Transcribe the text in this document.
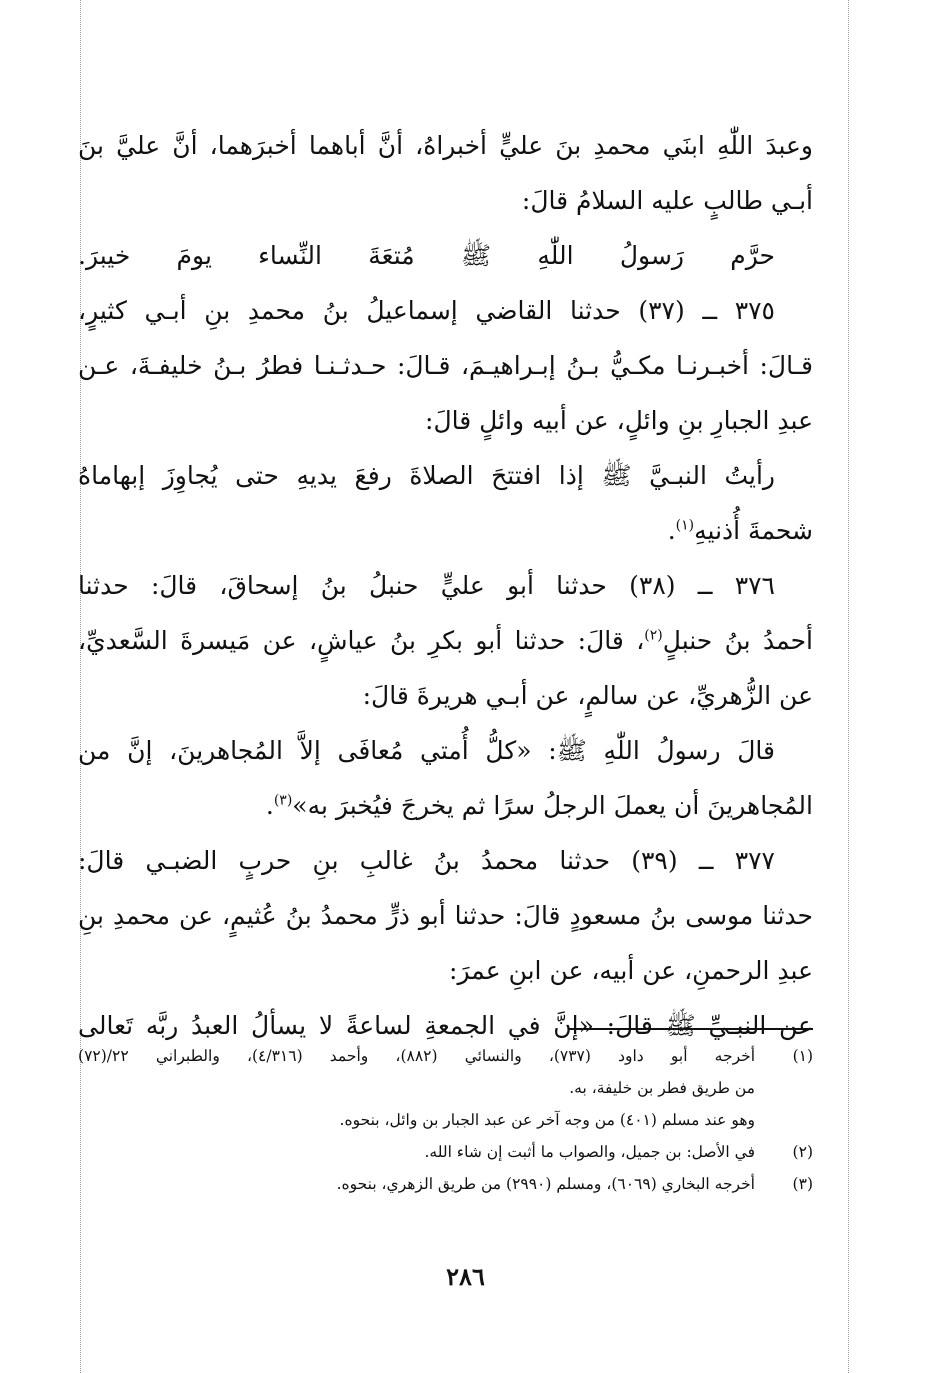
وعبدَ اللّٰهِ ابنَي محمدِ بنَ عليٍّ أخبراهُ، أنَّ أباهما أخبرَهما، أنَّ عليَّ بنَ
أبـي طالبٍ عليه السلامُ قالَ:
حرَّم رَسولُ اللّٰهِ ﷺ مُتعَةَ النِّساء يومَ خيبرَ.
٣٧٥ ــ (٣٧) حدثنا القاضي إسماعيلُ بنُ محمدِ بنِ أبـي كثيرٍ،
قـالَ: أخبـرنـا مكـيُّ بـنُ إبـراهيـمَ، قـالَ: حـدثـنـا فطرُ بـنُ خليفـةَ، عـن
عبدِ الجبارِ بنِ وائلٍ، عن أبيه وائلٍ قالَ:
رأيتُ النبـيَّ ﷺ إذا افتتحَ الصلاةَ رفعَ يديهِ حتى يُجاوِزَ إبهاماهُ
شحمةَ أُذنيهِ$^{(١)}$.
٣٧٦ ــ (٣٨) حدثنا أبو عليٍّ حنبلُ بنُ إسحاقَ، قالَ: حدثنا
أحمدُ بنُ حنبلٍ$^{(٢)}$، قالَ: حدثنا أبو بكرِ بنُ عياشٍ، عن مَيسرةَ السَّعديِّ،
عن الزُّهريِّ، عن سالمٍ، عن أبـي هريرةَ قالَ:
قالَ رسولُ اللّٰهِ ﷺ: «كلُّ أُمتي مُعافَى إلاَّ المُجاهرينَ، إنَّ من
المُجاهرينَ أن يعملَ الرجلُ سرًا ثم يخرجَ فيُخبرَ به»$^{(٣)}$.
٣٧٧ ــ (٣٩) حدثنا محمدُ بنُ غالبِ بنِ حربٍ الضبـي قالَ:
حدثنا موسى بنُ مسعودٍ قالَ: حدثنا أبو ذرٍّ محمدُ بنُ عُثيمٍ، عن محمدِ بنِ
عبدِ الرحمنِ، عن أبيه، عن ابنِ عمرَ:
عن النبـيِّ ﷺ قالَ: «إنَّ في الجمعةِ لساعةً لا يسألُ العبدُ ربَّه تَعالى
(١)أخرجه أبو داود (٧٣٧)، والنسائي (٨٨٢)، وأحمد (٤/٣١٦)، والطبراني ٢٢/(٧٢)
من طريق فطر بن خليفة، به.
وهو عند مسلم (٤٠١) من وجه آخر عن عبد الجبار بن وائل، بنحوه.
(٢)في الأصل: بن جميل، والصواب ما أثبت إن شاء الله.
(٣)أخرجه البخاري (٦٠٦٩)، ومسلم (٢٩٩٠) من طريق الزهري، بنحوه.
٢٨٦
